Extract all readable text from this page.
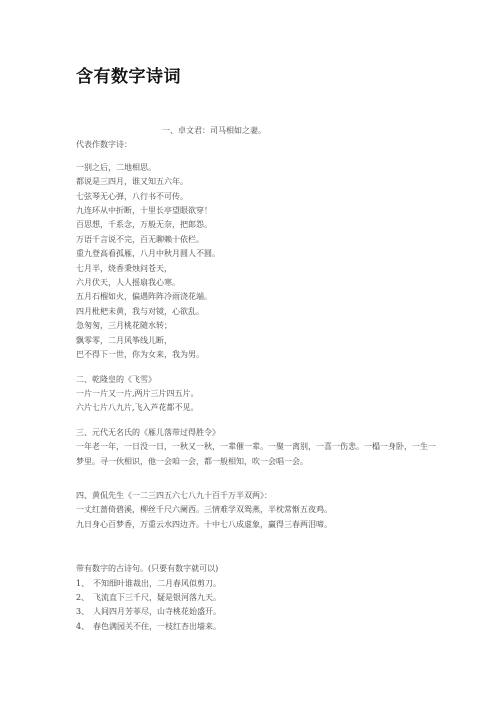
含有数字诗词
一、卓文君：司马相如之妻。
代表作数字诗：
一别之后，二地相思。
都说是三四月，谁又知五六年。
七弦琴无心弹，八行书不可传。
九连环从中折断，十里长亭望眼欲穿！
百思想，千系念，万般无奈，把郎怨。
万语千言说不完，百无聊赖十依栏。
重九登高看孤雁，八月中秋月圆人不圆。
七月半，烧香秉烛问苍天，
六月伏天，人人摇扇我心寒。
五月石榴如火，偏遇阵阵冷雨浇花端。
四月枇杷未黄，我与对镜，心欲乱。
急匆匆，三月桃花随水转；
飘零零，二月风筝线儿断，
巴不得下一世，你为女来，我为男。
二、乾隆皇的《飞雪》
一片一片又一片,两片三片四五片。
六片七片八九片,飞入芦花都不见。
三、元代无名氏的《雁儿落带过得胜令》
一年老一年，一日没一日，一秋又一秋，一辈催一辈。一聚一离别，一喜一伤悲。一榻一身卧，一生一梦里。寻一伙相识，他一会咱一会，都一般相知，吹一会唱一会。
四、黄侃先生《一二三四五六七八九十百千万半双两》：
一丈红蔷倚碧溪，柳丝千尺六阑西。三情难学双鸳燕，半枕常惭五夜鸡。
九日身心百梦香，万重云水四边齐。十中七八成虚象，赢得三春两泪啼。
带有数字的古诗句。(只要有数字就可以)
1、 不知细叶谁裁出，二月春风似剪刀。
2、 飞流直下三千尺，疑是银河落九天。
3、 人间四月芳菲尽，山寺桃花始盛开。
4、 春色满园关不住，一枝红杏出墙来。
